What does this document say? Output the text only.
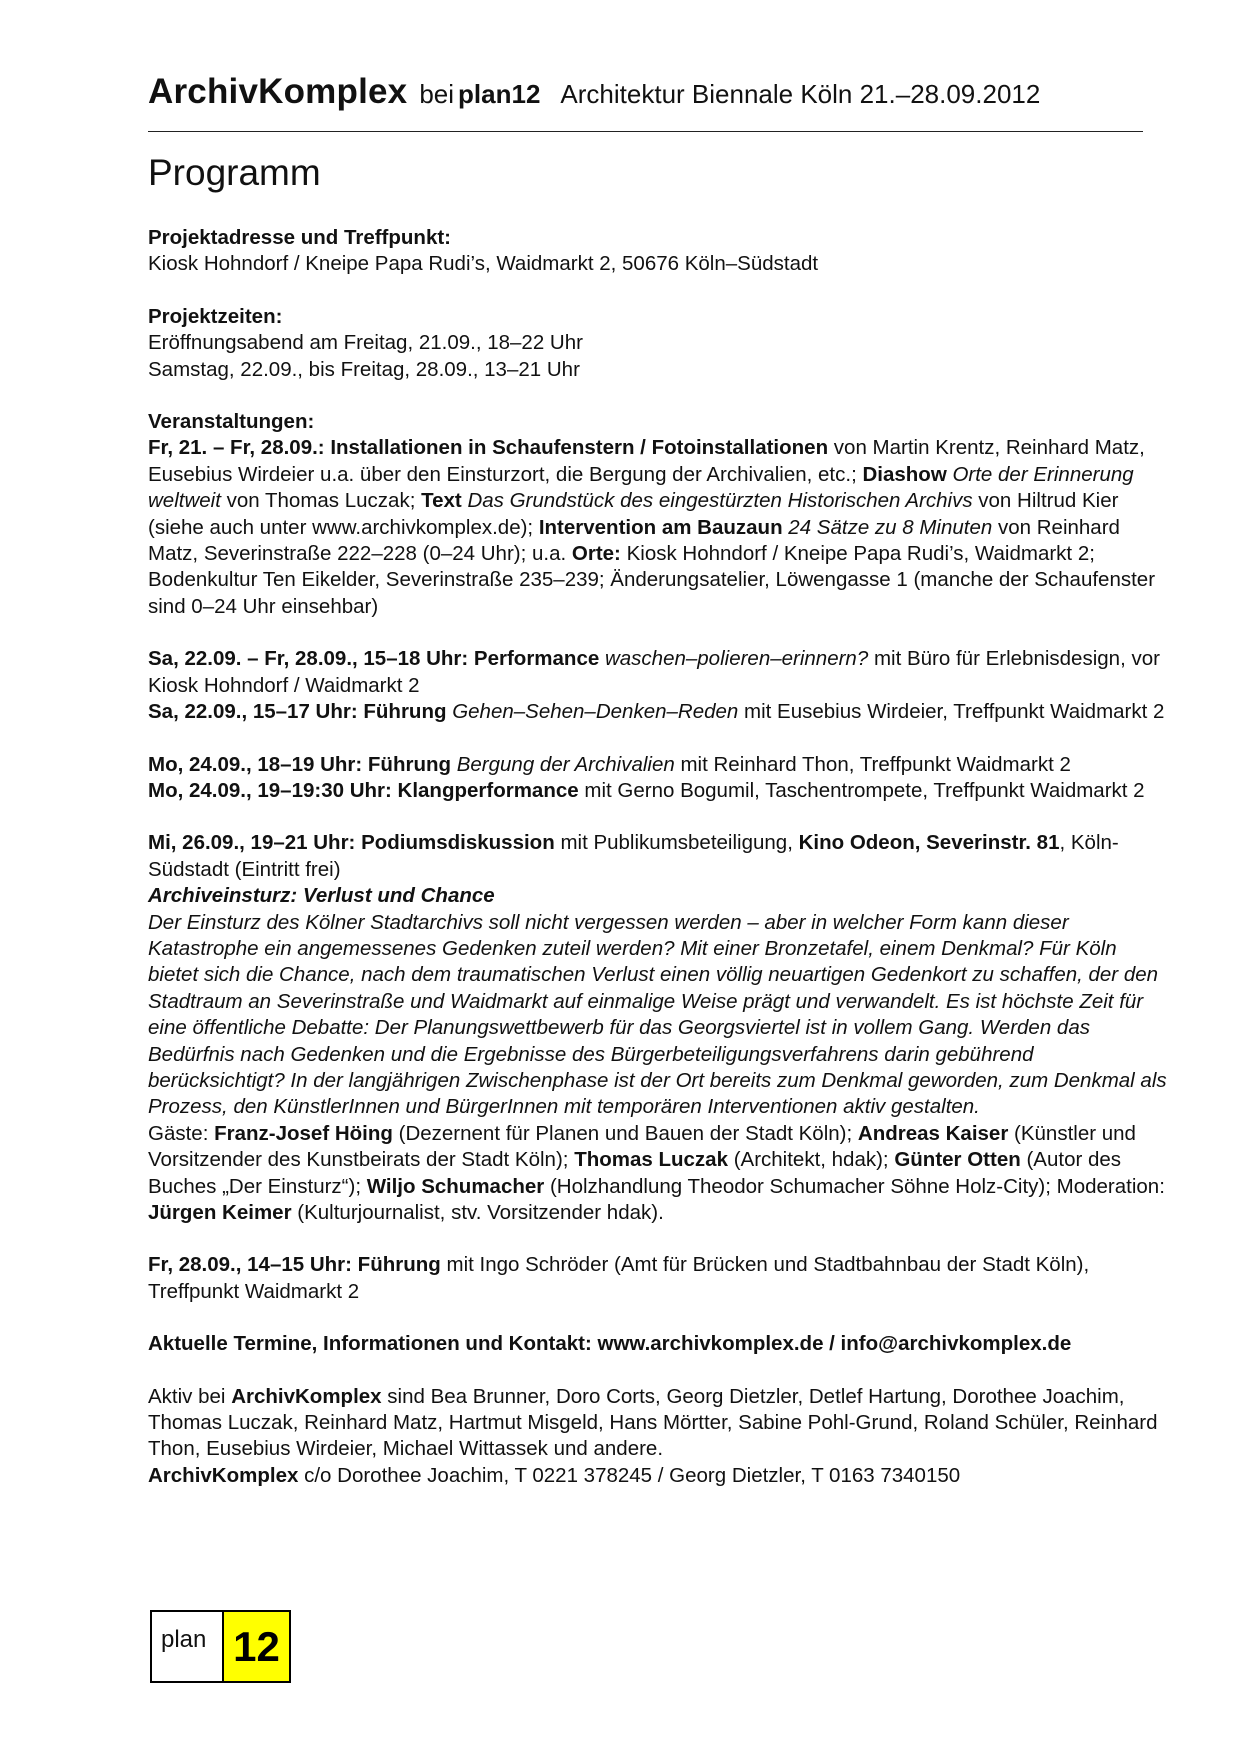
ArchivKomplex bei plan12 Architektur Biennale Köln 21.–28.09.2012
Programm

Projektadresse und Treffpunkt:

Kiosk Hohndorf / Kneipe Papa Rudi’s, Waidmarkt 2, 50676 Köln–Südstadt

Projektzeiten:

Eröffnungsabend am Freitag, 21.09., 18–22 Uhr

Samstag, 22.09., bis Freitag, 28.09., 13–21 Uhr

Veranstaltungen:

Fr, 21. – Fr, 28.09.: Installationen in Schaufenstern / Fotoinstallationen von Martin Krentz, Reinhard Matz, Eusebius Wirdeier u.a. über den Einsturzort, die Bergung der Archivalien, etc.; Diashow Orte der Erinnerung weltweit von Thomas Luczak; Text Das Grundstück des eingestürzten Historischen Archivs von Hiltrud Kier (siehe auch unter www.archivkomplex.de); Intervention am Bauzaun 24 Sätze zu 8 Minuten von Reinhard Matz, Severinstraße 222–228 (0–24 Uhr); u.a. Orte: Kiosk Hohndorf / Kneipe Papa Rudi’s, Waidmarkt 2; Bodenkultur Ten Eikelder, Severinstraße 235–239; Änderungsatelier, Löwengasse 1 (manche der Schaufenster sind 0–24 Uhr einsehbar)

Sa, 22.09. – Fr, 28.09., 15–18 Uhr: Performance waschen–polieren–erinnern? mit Büro für Erlebnisdesign, vor Kiosk Hohndorf / Waidmarkt 2

Sa, 22.09., 15–17 Uhr: Führung Gehen–Sehen–Denken–Reden mit Eusebius Wirdeier, Treffpunkt Waidmarkt 2

Mo, 24.09., 18–19 Uhr: Führung Bergung der Archivalien mit Reinhard Thon, Treffpunkt Waidmarkt 2

Mo, 24.09., 19–19:30 Uhr: Klangperformance mit Gerno Bogumil, Taschentrompete, Treffpunkt Waidmarkt 2

Mi, 26.09., 19–21 Uhr: Podiumsdiskussion mit Publikumsbeteiligung, Kino Odeon, Severinstr. 81, Köln-Südstadt (Eintritt frei)

Archiveinsturz: Verlust und Chance

Der Einsturz des Kölner Stadtarchivs soll nicht vergessen werden – aber in welcher Form kann dieser Katastrophe ein angemessenes Gedenken zuteil werden? Mit einer Bronzetafel, einem Denkmal? Für Köln bietet sich die Chance, nach dem traumatischen Verlust einen völlig neuartigen Gedenkort zu schaffen, der den Stadtraum an Severinstraße und Waidmarkt auf einmalige Weise prägt und verwandelt. Es ist höchste Zeit für eine öffentliche Debatte: Der Planungswettbewerb für das Georgsviertel ist in vollem Gang. Werden das Bedürfnis nach Gedenken und die Ergebnisse des Bürgerbeteiligungsverfahrens darin gebührend berücksichtigt? In der langjährigen Zwischenphase ist der Ort bereits zum Denkmal geworden, zum Denkmal als Prozess, den KünstlerInnen und BürgerInnen mit temporären Interventionen aktiv gestalten.

Gäste: Franz-Josef Höing (Dezernent für Planen und Bauen der Stadt Köln); Andreas Kaiser (Künstler und Vorsitzender des Kunstbeirats der Stadt Köln); Thomas Luczak (Architekt, hdak); Günter Otten (Autor des Buches „Der Einsturz“); Wiljo Schumacher (Holzhandlung Theodor Schumacher Söhne Holz-City); Moderation: Jürgen Keimer (Kulturjournalist, stv. Vorsitzender hdak).

Fr, 28.09., 14–15 Uhr: Führung mit Ingo Schröder (Amt für Brücken und Stadtbahnbau der Stadt Köln), Treffpunkt Waidmarkt 2

Aktuelle Termine, Informationen und Kontakt: www.archivkomplex.de / info@archivkomplex.de

Aktiv bei ArchivKomplex sind Bea Brunner, Doro Corts, Georg Dietzler, Detlef Hartung, Dorothee Joachim, Thomas Luczak, Reinhard Matz, Hartmut Misgeld, Hans Mörtter, Sabine Pohl-Grund, Roland Schüler, Reinhard Thon, Eusebius Wirdeier, Michael Wittassek und andere.

ArchivKomplex c/o Dorothee Joachim, T 0221 378245 / Georg Dietzler, T 0163 7340150

plan 12
